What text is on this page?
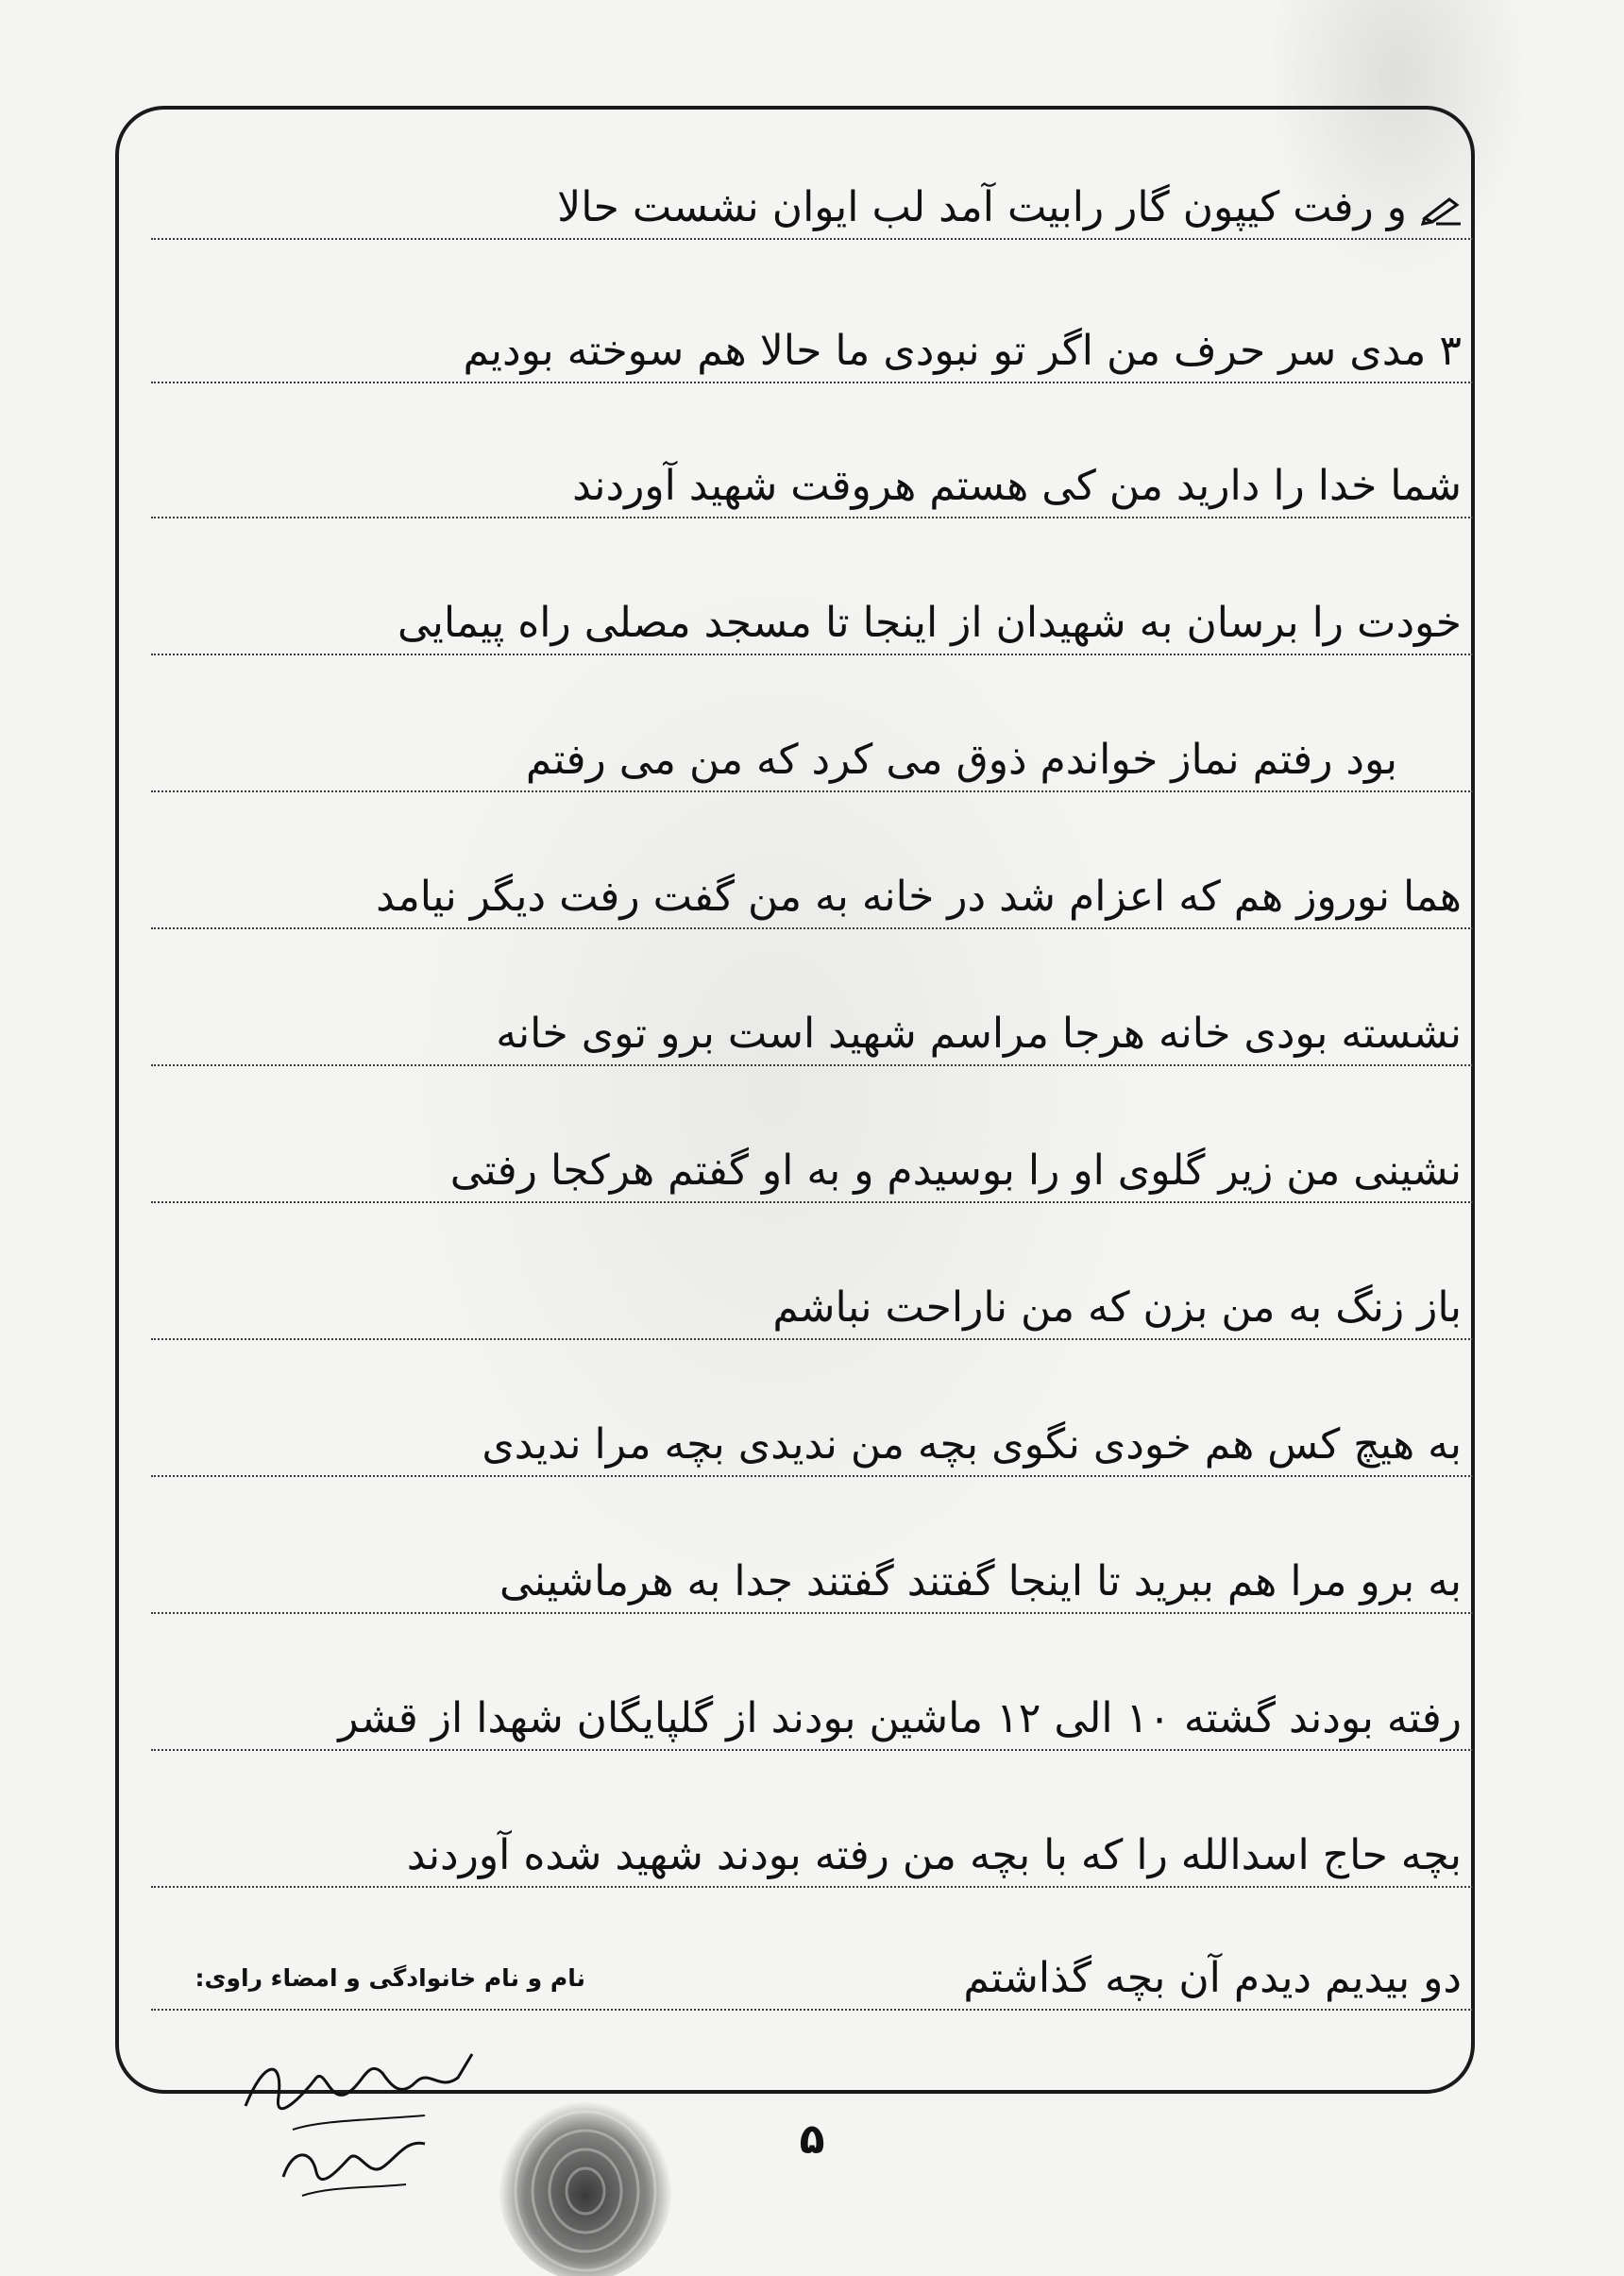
و رفت کیپون گار رابیت آمد لب ایوان نشست حالا
۳ مدی سر حرف من اگر تو نبودی ما حالا هم سوخته بودیم
شما خدا را دارید من کی هستم هروقت شهید آوردند
خودت را برسان به شهیدان از اینجا تا مسجد مصلی راه پیمایی
بود رفتم نماز خواندم ذوق می کرد که من می رفتم
هما نوروز هم که اعزام شد در خانه به من گفت رفت دیگر نیامد
نشسته بودی خانه هرجا مراسم شهید است برو توی خانه
نشینی من زیر گلوی او را بوسیدم و به او گفتم هرکجا رفتی
باز زنگ به من بزن که من ناراحت نباشم
به هیچ کس هم خودی نگوی بچه من ندیدی بچه مرا ندیدی
به برو مرا هم ببرید تا اینجا گفتند گفتند جدا به هرماشینی
رفته بودند گشته ۱۰ الی ۱۲ ماشین بودند از گلپایگان شهدا از قشر
بچه حاج اسدالله را که با بچه من رفته بودند شهید شده آوردند
دو بیدیم دیدم آن بچه گذاشتم
نام و نام خانوادگی و امضاء راوی:
۵
